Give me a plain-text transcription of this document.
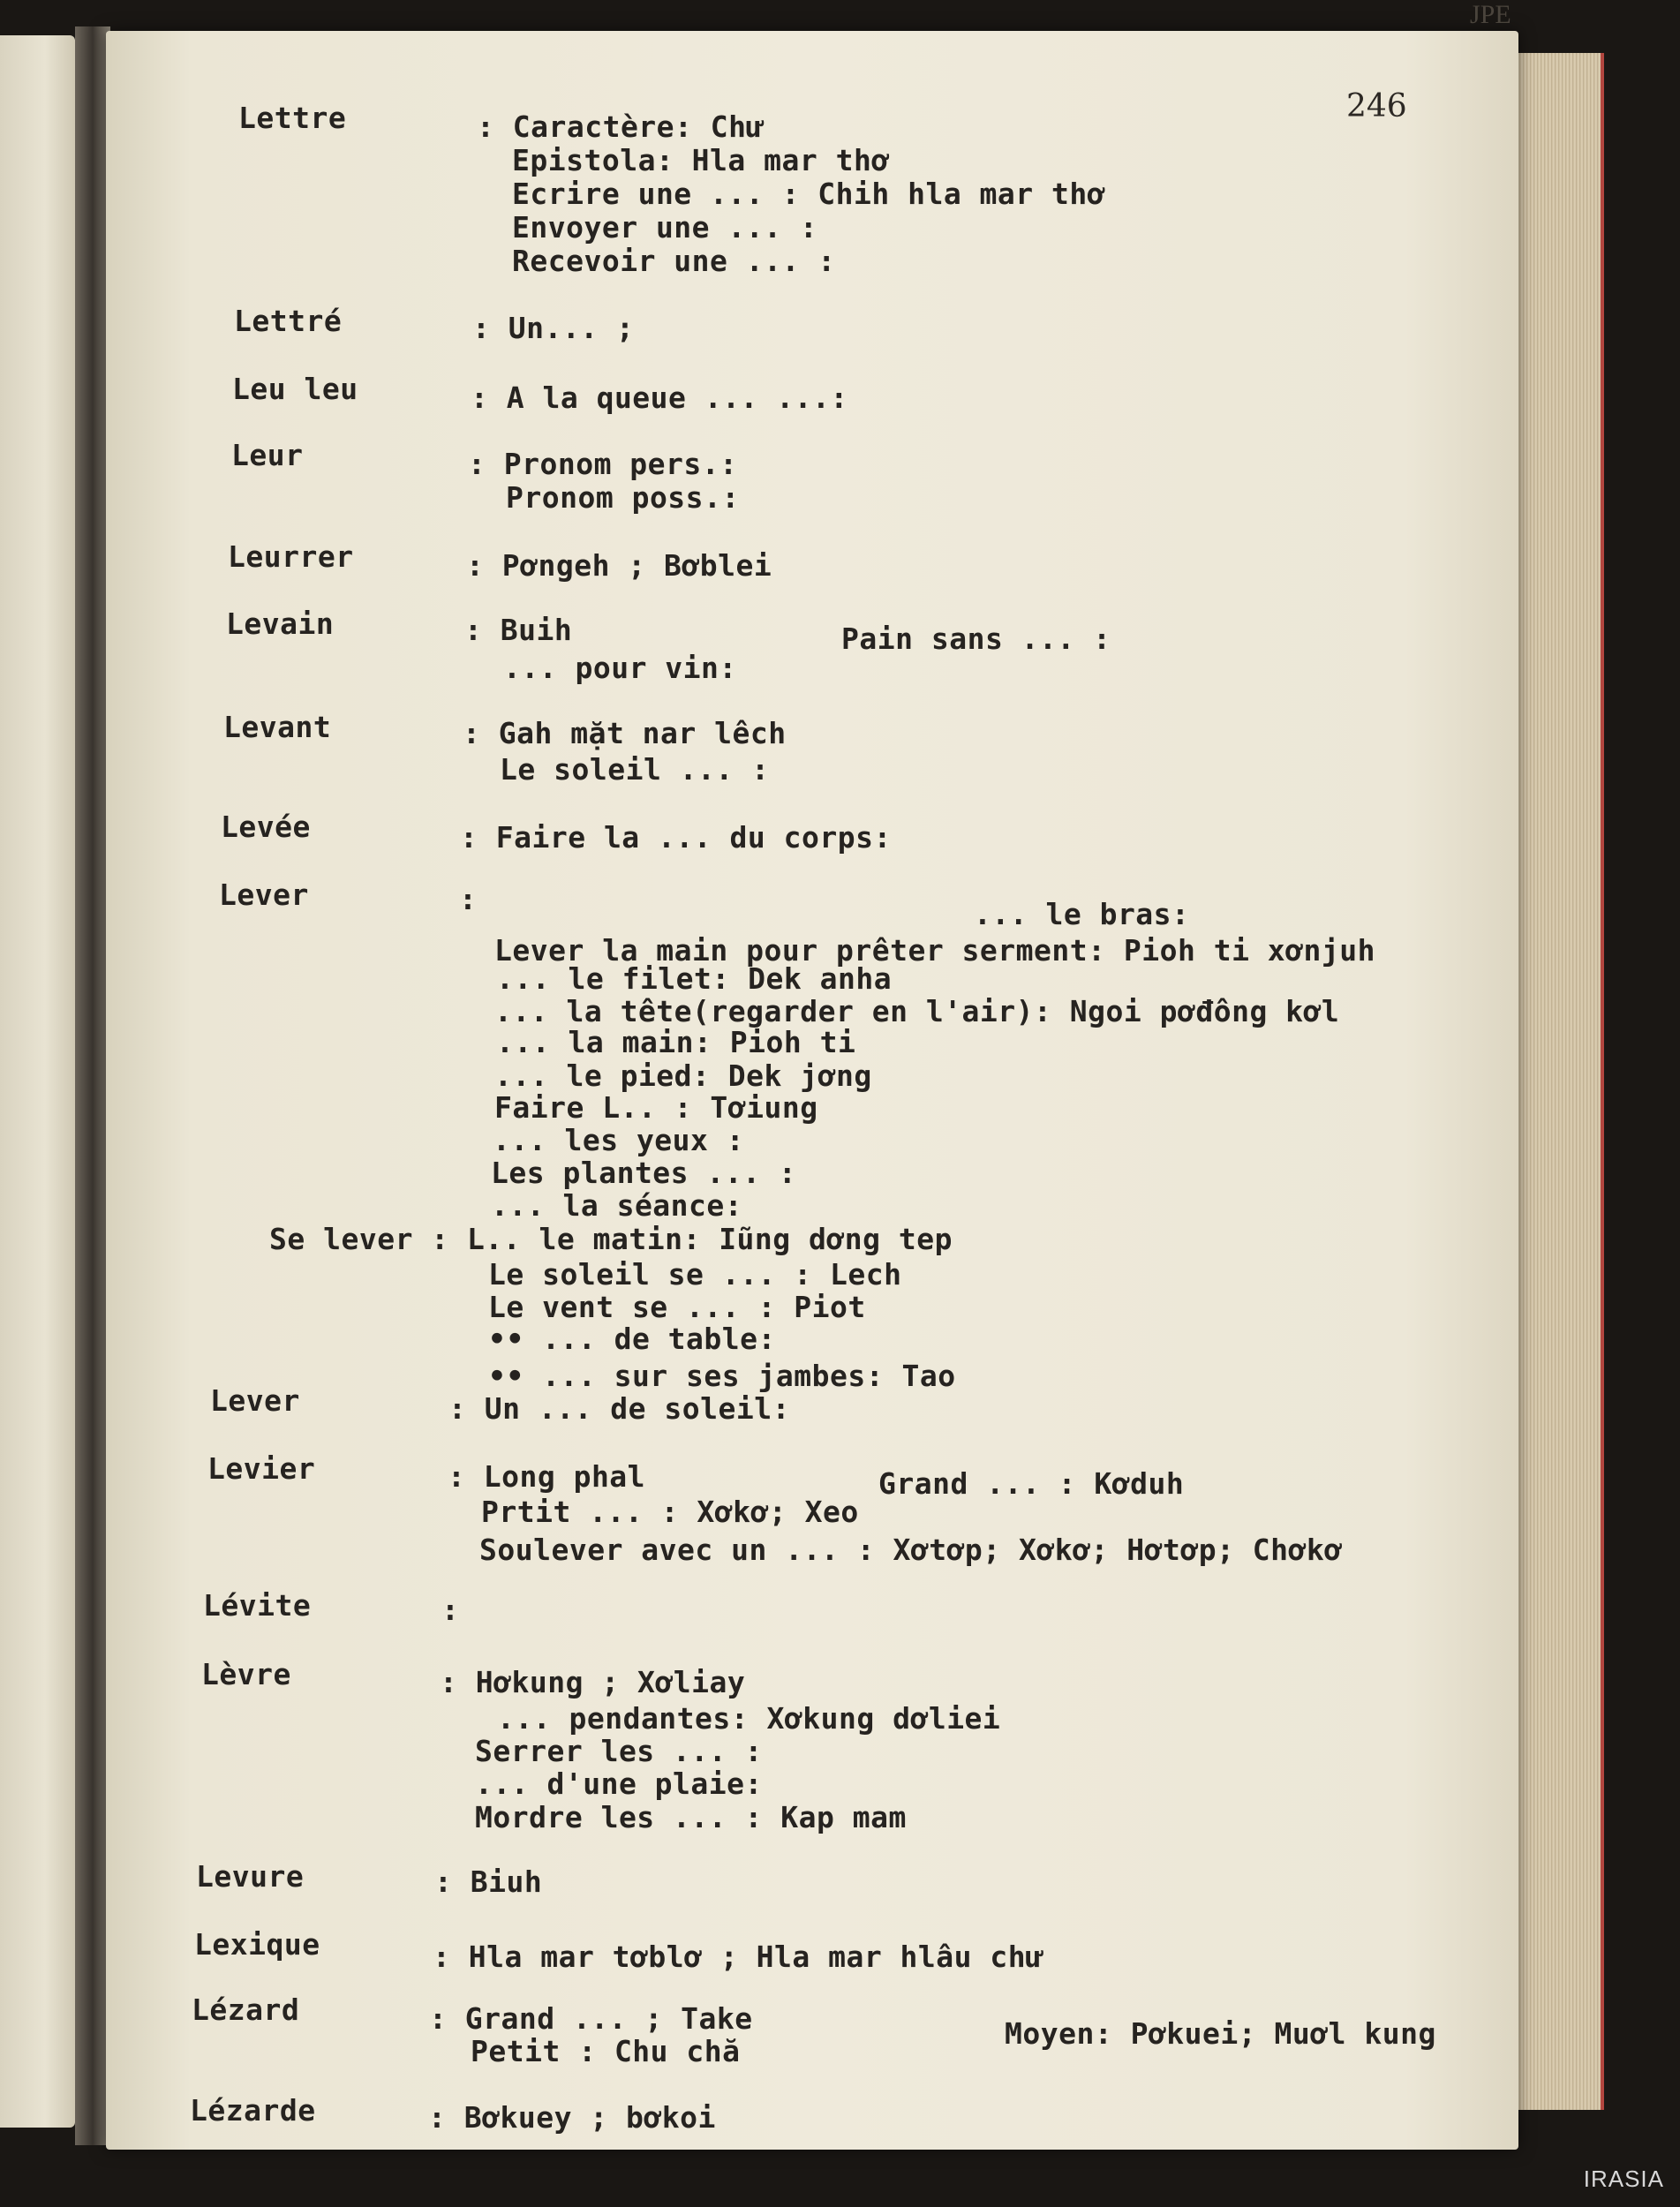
JPE
246
Lettre	: Caractère: Chư
Epistola: Hla mar thơ
Ecrire une ... : Chih hla mar thơ
Envoyer une ... :
Recevoir une ... :
Lettré	: Un... ;
Leu leu	: A la queue ... ...:
Leur	: Pronom pers.:
Pronom poss.:
Leurrer	: Pơngeh ; Bơblei
Levain	: Buih	Pain sans ... :
... pour vin:
Levant	: Gah mặt nar lêch
Le soleil ... :
Levée	: Faire la ... du corps:
Lever	:	... le bras:
Lever la main pour prêter serment: Pioh ti xơnjuh
... le filet: Dek anha
... la tête(regarder en l'air): Ngoi pơđông kơl
... la main: Pioh ti
... le pied: Dek jơng
Faire L.. : Tơiung
... les yeux :
Les plantes ... :
... la séance:
Se lever : L.. le matin: Iũng dơng tep
Le soleil se ... : Lech
Le vent se ... : Piot
•• ... de table:
•• ... sur ses jambes: Tao
Lever	: Un ... de soleil:
Levier	: Long phal	Grand ... : Kơduh
Prtit ... : Xơkơ; Xeo
Soulever avec un ... : Xơtơp; Xơkơ; Hơtơp; Chơkơ
Lévite	:
Lèvre	: Hơkung ; Xơliay
... pendantes: Xơkung dơliei
Serrer les ... :
... d'une plaie:
Mordre les ... : Kap mam
Levure	: Biuh
Lexique	: Hla mar tơblơ ; Hla mar hlâu chư
Lézard	: Grand ... ; Take	Moyen: Pơkuei; Muơl kung
Petit : Chu chă
Lézarde	: Bơkuey ; bơkoi
IRASIA
